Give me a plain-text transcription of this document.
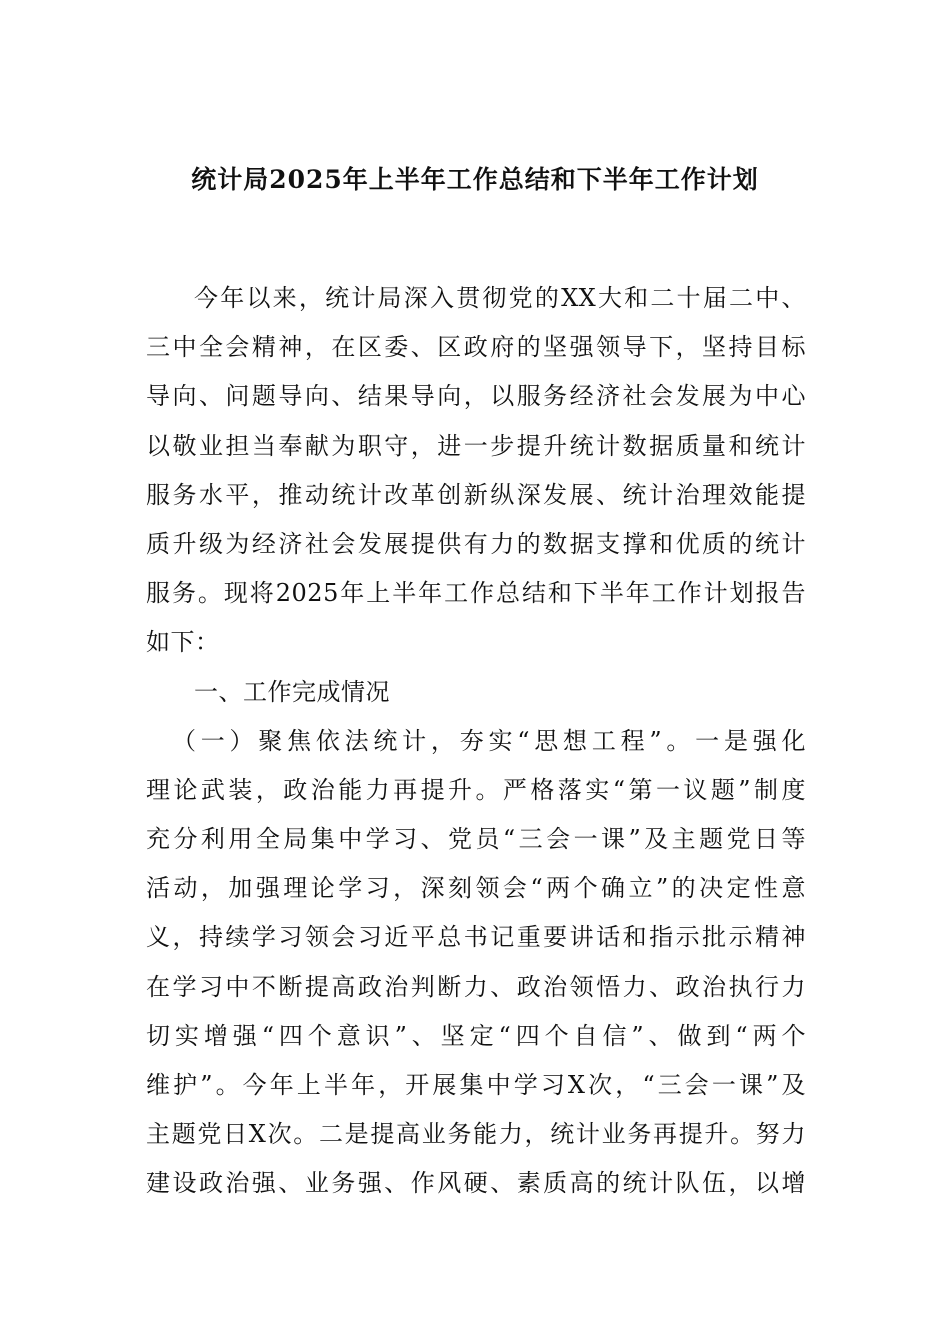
统计局2025年上半年工作总结和下半年工作计划
今年以来，统计局深入贯彻党的XX大和二十届二中、
三中全会精神，在区委、区政府的坚强领导下，坚持目标
导向、问题导向、结果导向，以服务经济社会发展为中心
以敬业担当奉献为职守，进一步提升统计数据质量和统计
服务水平，推动统计改革创新纵深发展、统计治理效能提
质升级为经济社会发展提供有力的数据支撑和优质的统计
服务。现将2025年上半年工作总结和下半年工作计划报告
如下：
一、工作完成情况
（一）聚焦依法统计，夯实“思想工程”。一是强化
理论武装，政治能力再提升。严格落实“第一议题”制度
充分利用全局集中学习、党员“三会一课”及主题党日等
活动，加强理论学习，深刻领会“两个确立”的决定性意
义，持续学习领会习近平总书记重要讲话和指示批示精神
在学习中不断提高政治判断力、政治领悟力、政治执行力
切实增强“四个意识”、坚定“四个自信”、做到“两个
维护”。今年上半年，开展集中学习X次，“三会一课”及
主题党日X次。二是提高业务能力，统计业务再提升。努力
建设政治强、业务强、作风硬、素质高的统计队伍，以增
